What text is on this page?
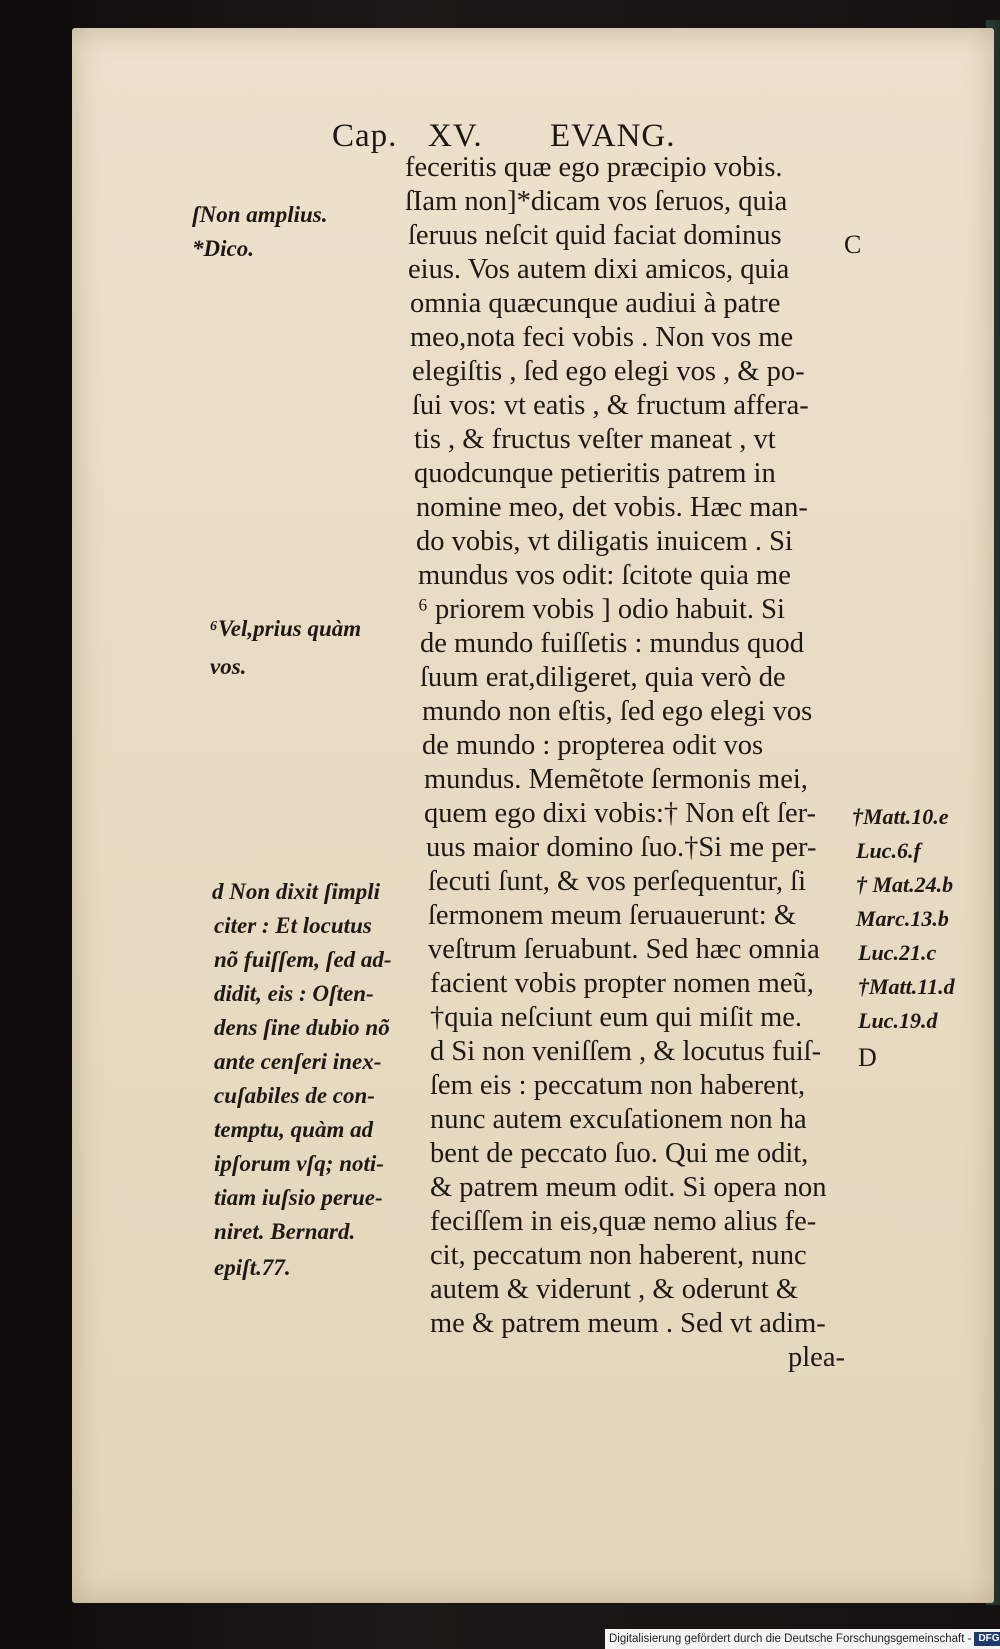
Cap. XV. EVANG.
feceritis quæ ego præcipio vobis.
ſIam non]*dicam vos ſeruos, quia
ſeruus neſcit quid faciat dominus
eius. Vos autem dixi amicos, quia
omnia quæcunque audiui à patre
meo,nota feci vobis . Non vos me
elegiſtis , ſed ego elegi vos , & po-
ſui vos: vt eatis , & fructum affera-
tis , & fructus veſter maneat , vt
quodcunque petieritis patrem in
nomine meo, det vobis. Hæc man-
do vobis, vt diligatis inuicem . Si
mundus vos odit: ſcitote quia me
⁶ priorem vobis ] odio habuit. Si
de mundo fuiſſetis : mundus quod
ſuum erat,diligeret, quia verò de
mundo non eſtis, ſed ego elegi vos
de mundo : propterea odit vos
mundus. Memẽtote ſermonis mei,
quem ego dixi vobis:† Non eſt ſer-
uus maior domino ſuo.†Si me per-
ſecuti ſunt, & vos perſequentur, ſi
ſermonem meum ſeruauerunt: &
veſtrum ſeruabunt. Sed hæc omnia
facient vobis propter nomen meũ,
†quia neſciunt eum qui miſit me.
d Si non veniſſem , & locutus fuiſ-
ſem eis : peccatum non haberent,
nunc autem excuſationem non ha
bent de peccato ſuo. Qui me odit,
& patrem meum odit. Si opera non
feciſſem in eis,quæ nemo alius fe-
cit, peccatum non haberent, nunc
autem & viderunt , & oderunt &
me & patrem meum . Sed vt adim-
plea-
ſNon amplius.
*Dico.
⁶Vel,prius quàm
vos.
d Non dixit ſimpli
citer : Et locutus
nõ fuiſſem, ſed ad-
didit, eis : Oſten-
dens ſine dubio nõ
ante cenſeri inex-
cuſabiles de con-
temptu, quàm ad
ipſorum vſq; noti-
tiam iuſsio perue-
niret. Bernard.
epiſt.77.
†Matt.10.e
Luc.6.f
† Mat.24.b
Marc.13.b
Luc.21.c
†Matt.11.d
Luc.19.d
C
D
Digitalisierung gefördert durch die Deutsche Forschungsgemeinschaft - DFG
